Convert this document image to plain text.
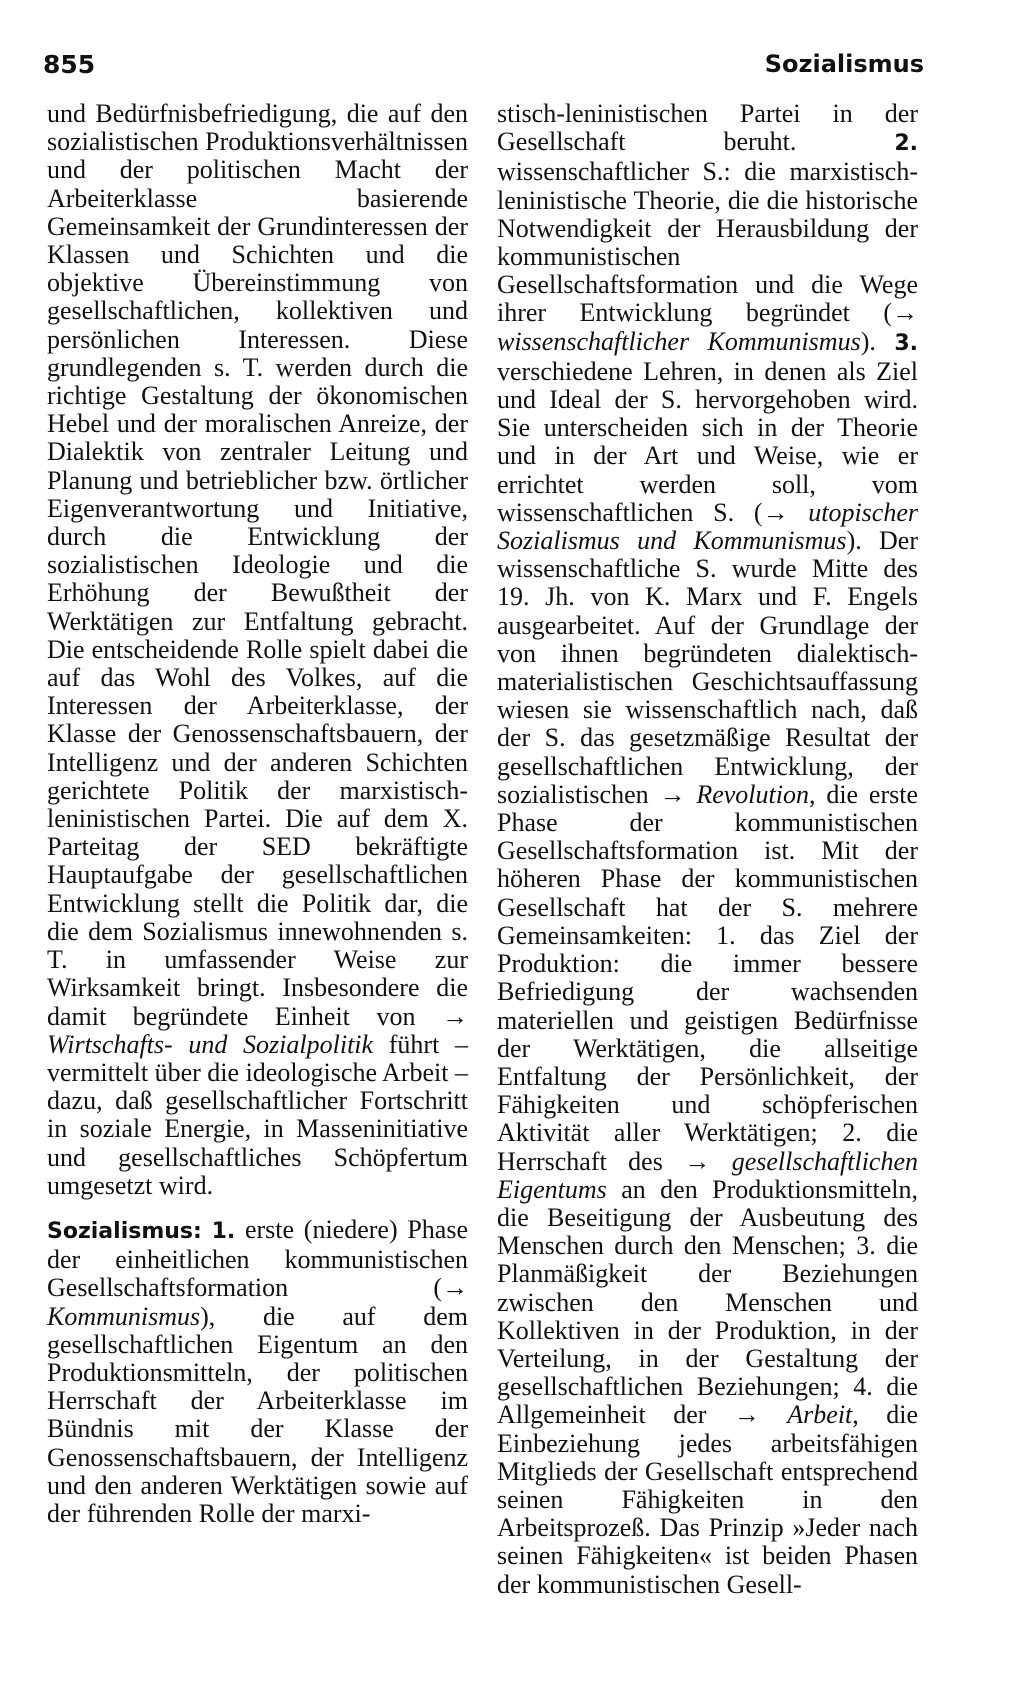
855	Sozialismus

und Bedürfnisbefriedigung, die auf den sozialistischen Produktionsverhältnissen und der politischen Macht der Arbeiterklasse basierende Gemeinsamkeit der Grundinteressen der Klassen und Schichten und die objektive Übereinstimmung von gesellschaftlichen, kollektiven und persönlichen Interessen. Diese grundlegenden s. T. werden durch die richtige Gestaltung der ökonomischen Hebel und der moralischen Anreize, der Dialektik von zentraler Leitung und Planung und betrieblicher bzw. örtlicher Eigenverantwortung und Initiative, durch die Entwicklung der sozialistischen Ideologie und die Erhöhung der Bewußtheit der Werktätigen zur Entfaltung gebracht. Die entscheidende Rolle spielt dabei die auf das Wohl des Volkes, auf die Interessen der Arbeiterklasse, der Klasse der Genossenschaftsbauern, der Intelligenz und der anderen Schichten gerichtete Politik der marxistisch-leninistischen Partei. Die auf dem X. Parteitag der SED bekräftigte Hauptaufgabe der gesellschaftlichen Entwicklung stellt die Politik dar, die die dem Sozialismus innewohnenden s. T. in umfassender Weise zur Wirksamkeit bringt. Insbesondere die damit begründete Einheit von → Wirtschafts- und Sozialpolitik führt – vermittelt über die ideologische Arbeit – dazu, daß gesellschaftlicher Fortschritt in soziale Energie, in Masseninitiative und gesellschaftliches Schöpfertum umgesetzt wird.

Sozialismus: 1. erste (niedere) Phase der einheitlichen kommunistischen Gesellschaftsformation (→ Kommunismus), die auf dem gesellschaftlichen Eigentum an den Produktionsmitteln, der politischen Herrschaft der Arbeiterklasse im Bündnis mit der Klasse der Genossenschaftsbauern, der Intelligenz und den anderen Werktätigen sowie auf der führenden Rolle der marxi-

stisch-leninistischen Partei in der Gesellschaft beruht. 2. wissenschaftlicher S.: die marxistisch-leninistische Theorie, die die historische Notwendigkeit der Herausbildung der kommunistischen Gesellschaftsformation und die Wege ihrer Entwicklung begründet (→ wissenschaftlicher Kommunismus). 3. verschiedene Lehren, in denen als Ziel und Ideal der S. hervorgehoben wird. Sie unterscheiden sich in der Theorie und in der Art und Weise, wie er errichtet werden soll, vom wissenschaftlichen S. (→ utopischer Sozialismus und Kommunismus). Der wissenschaftliche S. wurde Mitte des 19. Jh. von K. Marx und F. Engels ausgearbeitet. Auf der Grundlage der von ihnen begründeten dialektisch-materialistischen Geschichtsauffassung wiesen sie wissenschaftlich nach, daß der S. das gesetzmäßige Resultat der gesellschaftlichen Entwicklung, der sozialistischen → Revolution, die erste Phase der kommunistischen Gesellschaftsformation ist. Mit der höheren Phase der kommunistischen Gesellschaft hat der S. mehrere Gemeinsamkeiten: 1. das Ziel der Produktion: die immer bessere Befriedigung der wachsenden materiellen und geistigen Bedürfnisse der Werktätigen, die allseitige Entfaltung der Persönlichkeit, der Fähigkeiten und schöpferischen Aktivität aller Werktätigen; 2. die Herrschaft des → gesellschaftlichen Eigentums an den Produktionsmitteln, die Beseitigung der Ausbeutung des Menschen durch den Menschen; 3. die Planmäßigkeit der Beziehungen zwischen den Menschen und Kollektiven in der Produktion, in der Verteilung, in der Gestaltung der gesellschaftlichen Beziehungen; 4. die Allgemeinheit der → Arbeit, die Einbeziehung jedes arbeitsfähigen Mitglieds der Gesellschaft entsprechend seinen Fähigkeiten in den Arbeitsprozeß. Das Prinzip »Jeder nach seinen Fähigkeiten« ist beiden Phasen der kommunistischen Gesell-
